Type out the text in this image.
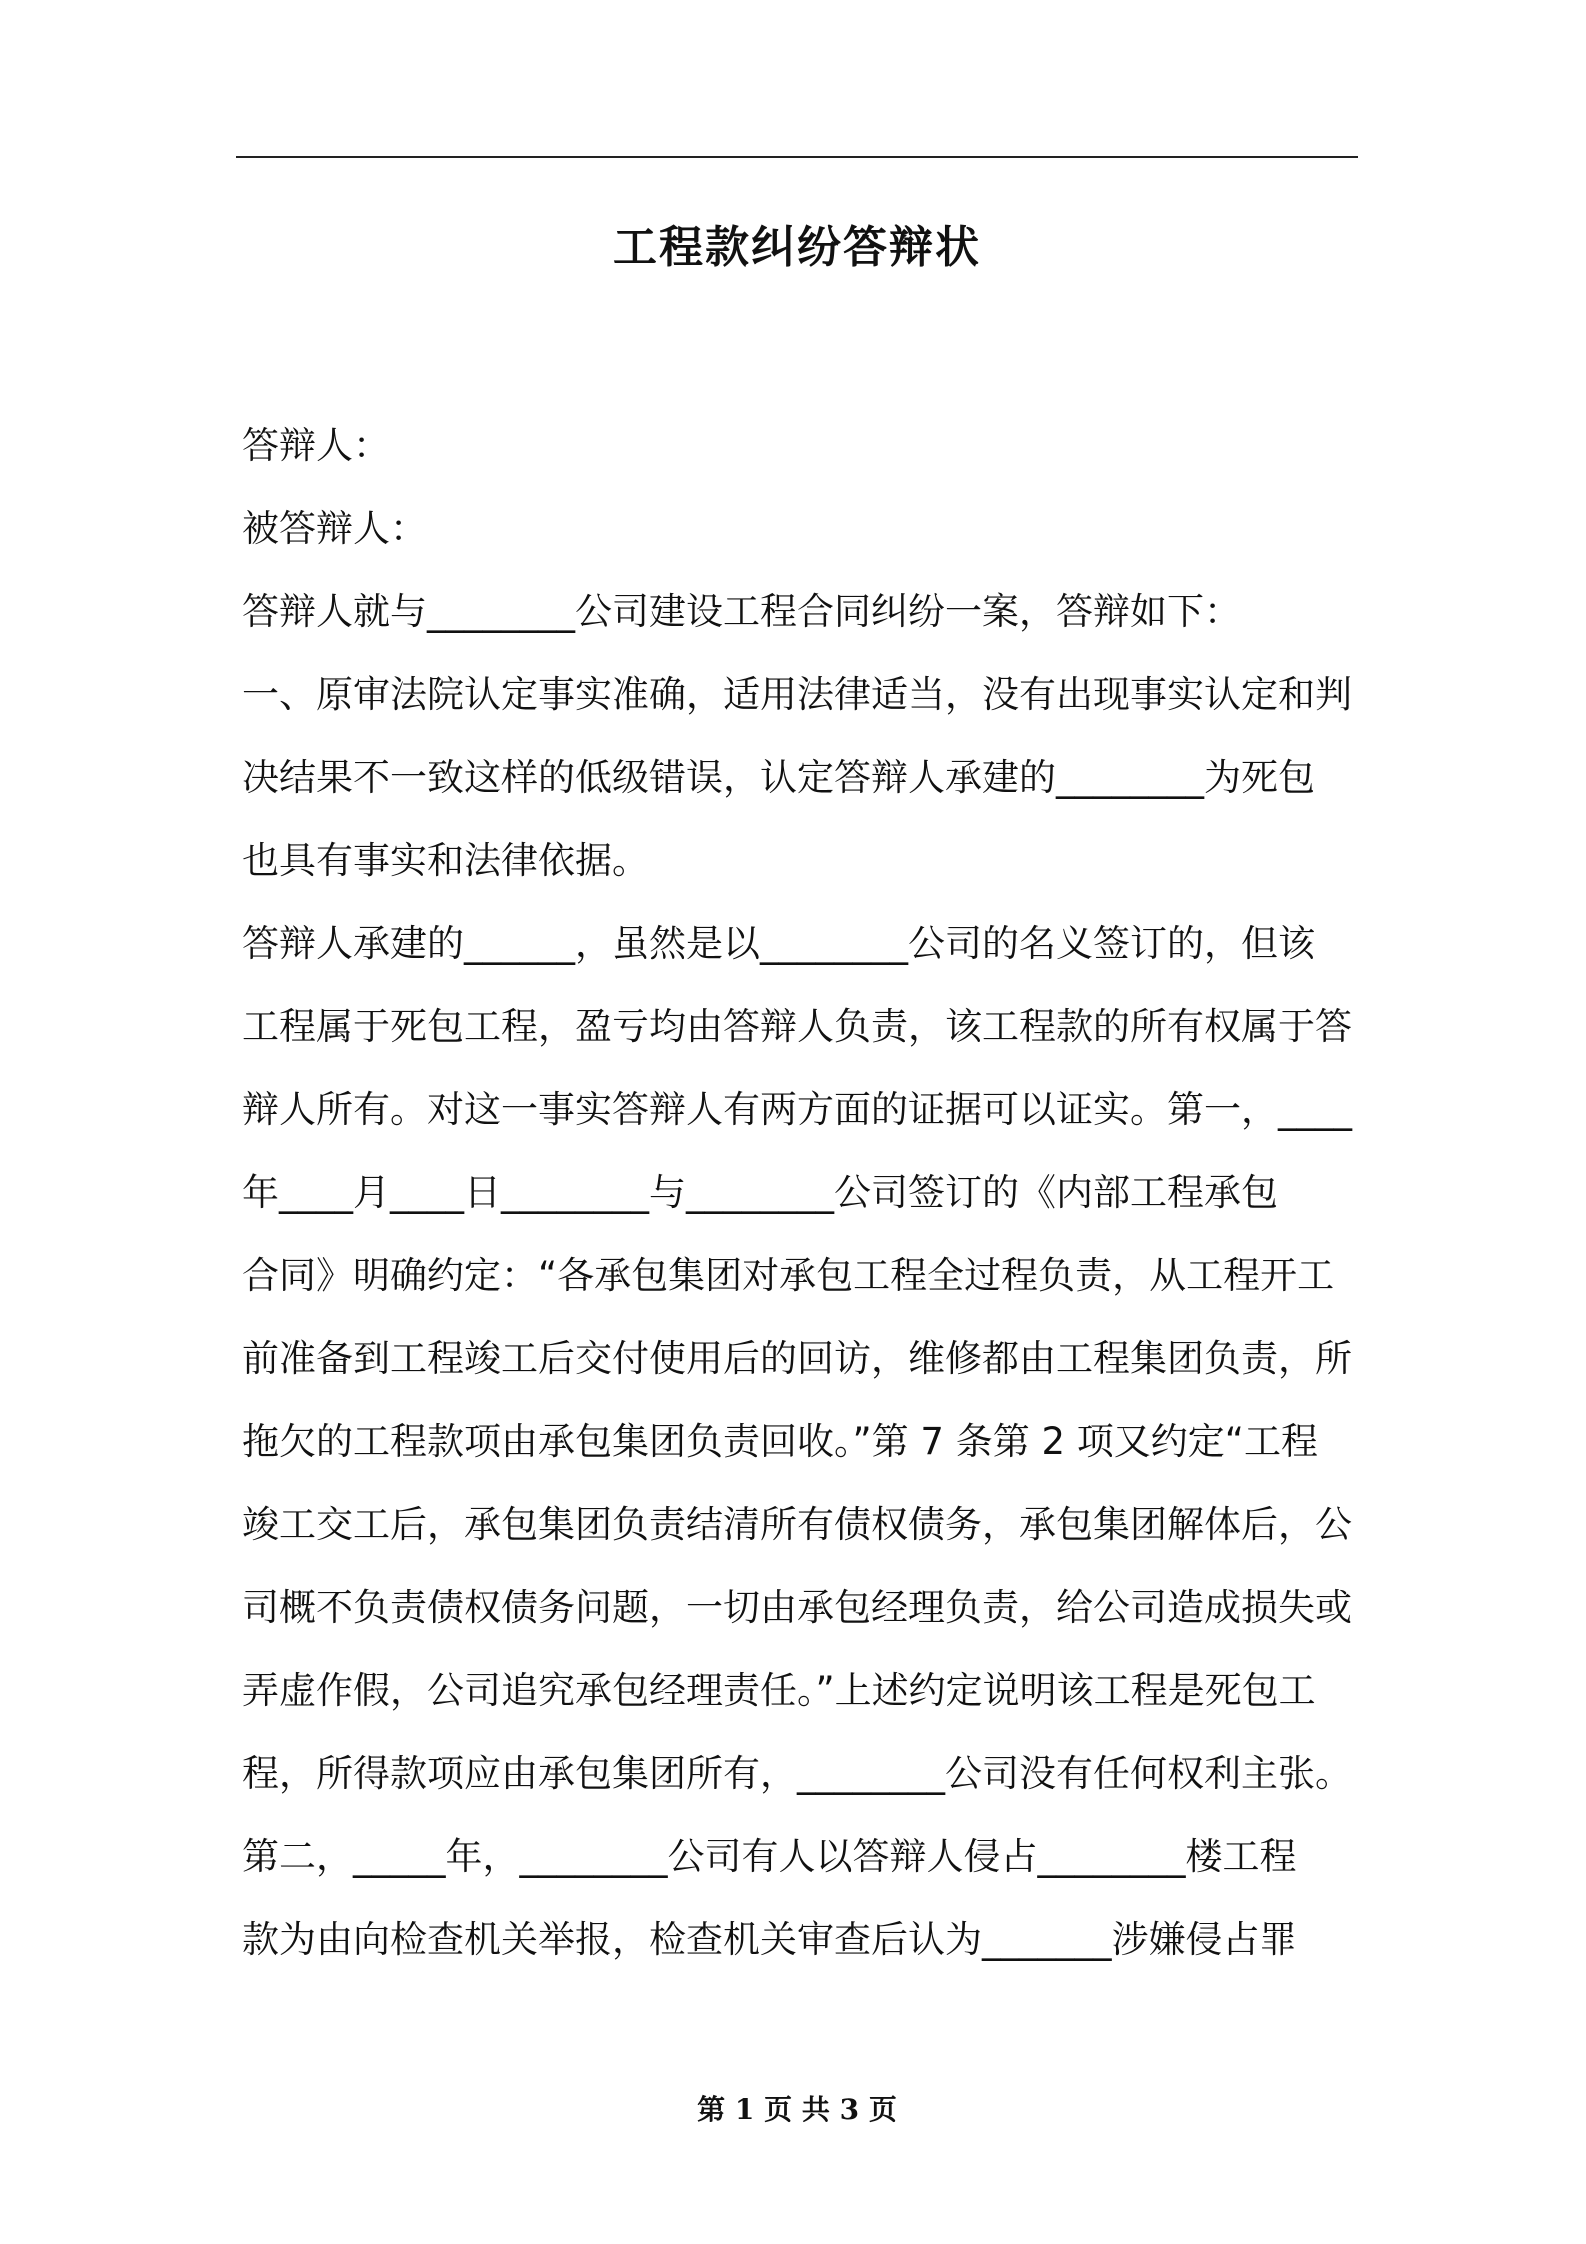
工程款纠纷答辩状
答辩人：
被答辩人：
答辩人就与________公司建设工程合同纠纷一案，答辩如下：
一、原审法院认定事实准确，适用法律适当，没有出现事实认定和判
决结果不一致这样的低级错误，认定答辩人承建的________为死包
也具有事实和法律依据。
答辩人承建的______，虽然是以________公司的名义签订的，但该
工程属于死包工程，盈亏均由答辩人负责，该工程款的所有权属于答
辩人所有。对这一事实答辩人有两方面的证据可以证实。第一，____
年____月____日________与________公司签订的《内部工程承包
合同》明确约定：“各承包集团对承包工程全过程负责，从工程开工
前准备到工程竣工后交付使用后的回访，维修都由工程集团负责，所
拖欠的工程款项由承包集团负责回收。”第 7 条第 2 项又约定“工程
竣工交工后，承包集团负责结清所有债权债务，承包集团解体后，公
司概不负责债权债务问题，一切由承包经理负责，给公司造成损失或
弄虚作假，公司追究承包经理责任。”上述约定说明该工程是死包工
程，所得款项应由承包集团所有，________公司没有任何权利主张。
第二，_____年，________公司有人以答辩人侵占________楼工程
款为由向检查机关举报，检查机关审查后认为_______涉嫌侵占罪
第 1 页 共 3 页
